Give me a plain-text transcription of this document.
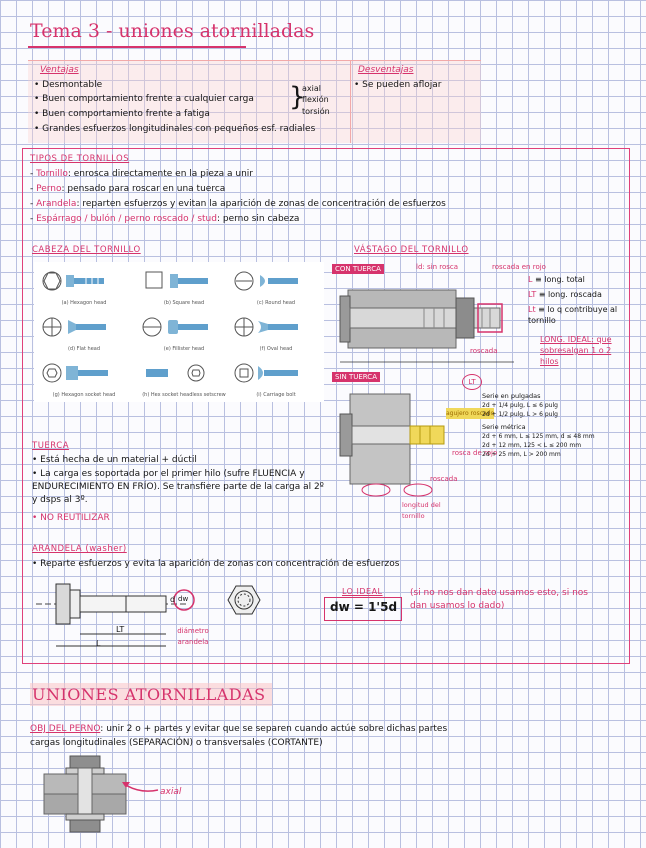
Tema 3 - uniones atornilladas
Ventajas
• Desmontable
• Buen comportamiento frente a cualquier carga
• Buen comportamiento frente a fatiga
• Grandes esfuerzos longitudinales con pequeños esf. radiales
}
axial
flexión
torsión
Desventajas
• Se pueden aflojar
TIPOS DE TORNILLOS
- Tornillo: enrosca directamente en la pieza a unir
- Perno: pensado para roscar en una tuerca
- Arandela: reparten esfuerzos y evitan la aparición de zonas de concentración de esfuerzos
- Espárrago / bulón / perno roscado / stud: perno sin cabeza
CABEZA DEL TORNILLO
(a) Hexagon head	(b) Square head	(c) Round head
(d) Flat head	(e) Fillister head	(f) Oval head
(g) Hexagon socket head	(h) Hex socket headless setscrew	(i) Carriage bolt
VÁSTAGO DEL TORNILLO
CON TUERCA	ld: sin rosca	roscada en rojo
L ≡ long. total
LT ≡ long. roscada
Lt ≡ lo q contribuye al tornillo
LONG. IDEAL: que sobresalgan 1 o 2 hilos
roscada
SIN TUERCA
LT
agujero roscado
rosca de rojo
roscada
longitud del tornillo
Serie en pulgadas
2d + 1/4 pulg, L ≤ 6 pulg
2d + 1/2 pulg, L > 6 pulg
Serie métrica
2d + 6 mm, L ≤ 125 mm, d ≤ 48 mm
2d + 12 mm, 125 < L ≤ 200 mm
2d + 25 mm, L > 200 mm
TUERCA
• Está hecha de un material + dúctil
• La carga es soportada por el primer hilo (sufre FLUENCIA y ENDURECIMIENTO EN FRÍO). Se transfiere parte de la carga al 2º y dsps al 3º.
• NO REUTILIZAR
ARANDELA (washer)
• Reparte esfuerzos y evita la aparición de zonas con concentración de esfuerzos
d dw
LT
L
diámetro arandela
LO IDEAL
dw = 1'5d
(si no nos dan dato usamos esto, si nos dan usamos lo dado)
UNIONES ATORNILLADAS
OBJ DEL PERNO: unir 2 o + partes y evitar que se separen cuando actúe sobre dichas partes
cargas longitudinales (SEPARACIÓN) o transversales (CORTANTE)
axial
